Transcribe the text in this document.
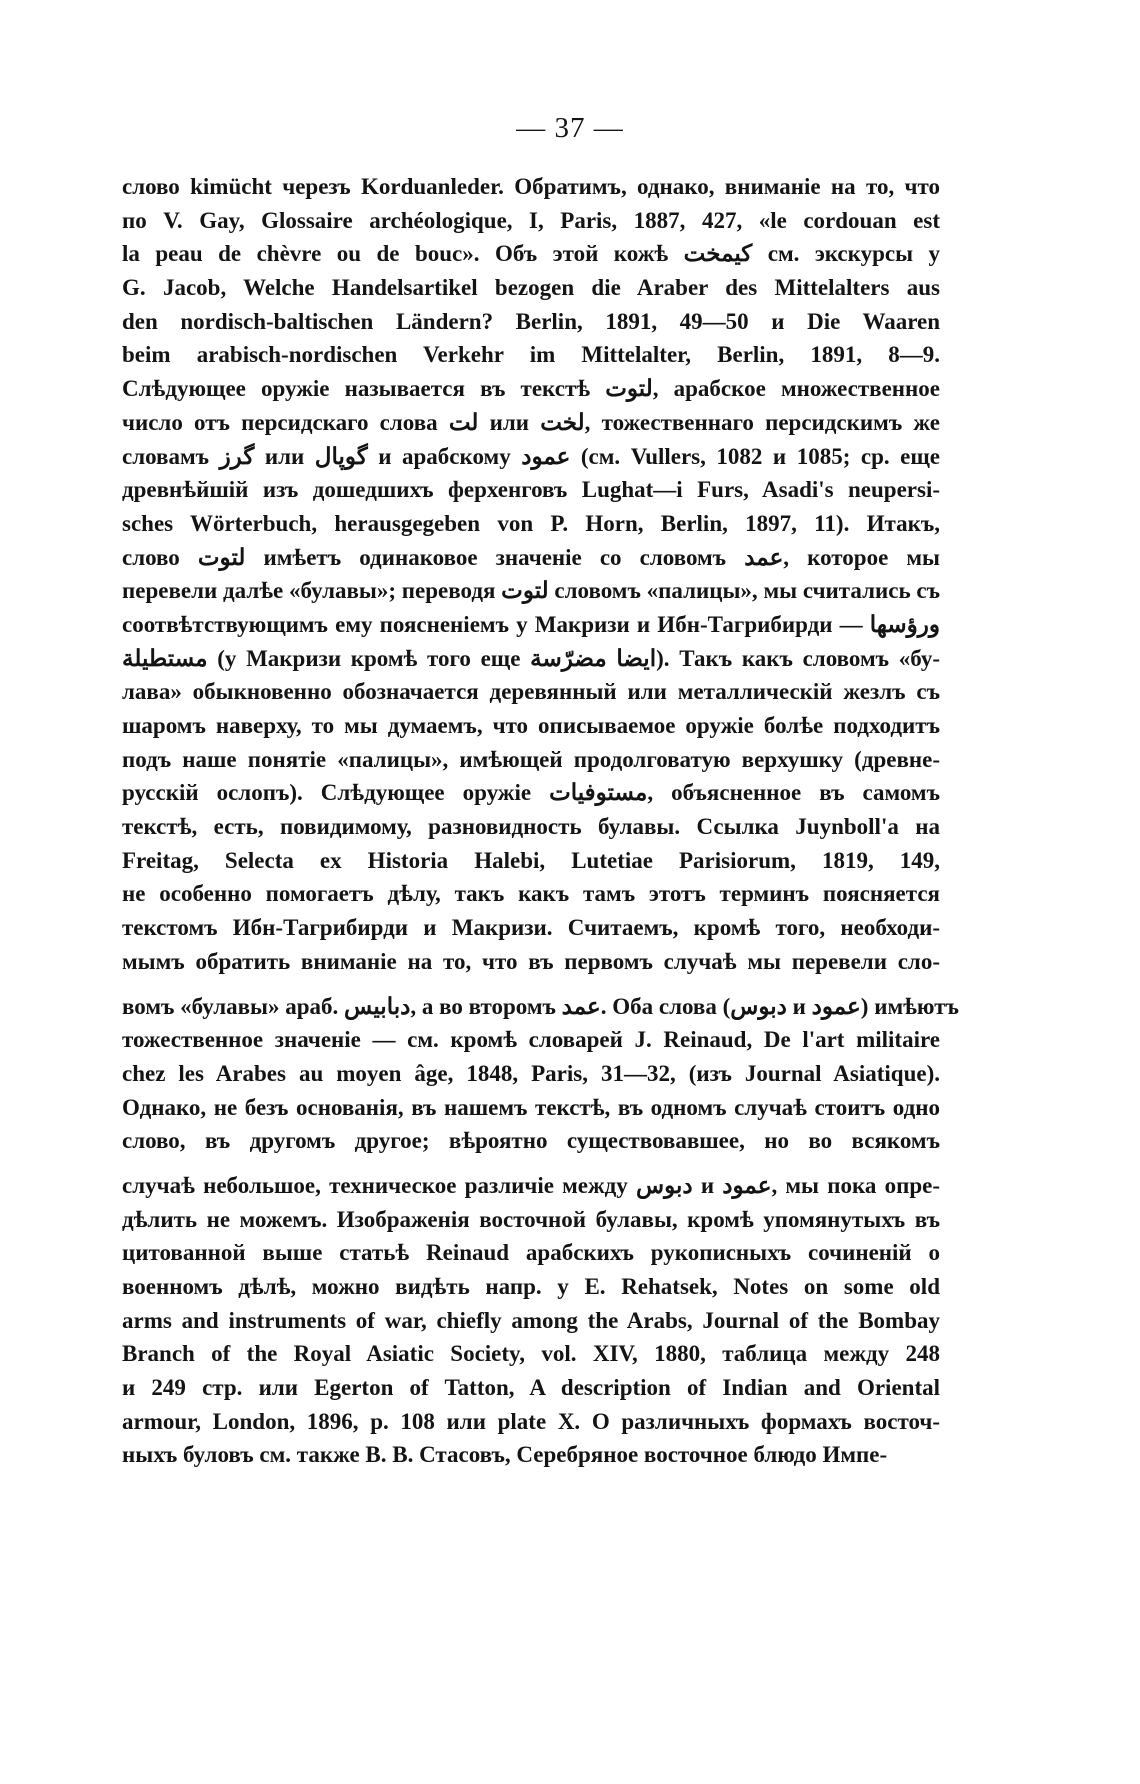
— 37 —
слово kimücht черезъ Korduanleder. Обратимъ, однако, вниманіе на то, что
по V. Gay, Glossaire archéologique, I, Paris, 1887, 427, «le cordouan est
la peau de chèvre ou de bouc». Объ этой кожѣ كيمخت см. экскурсы у
G. Jacob, Welche Handelsartikel bezogen die Araber des Mittelalters aus
den nordisch-baltischen Ländern? Berlin, 1891, 49—50 и Die Waaren
beim arabisch-nordischen Verkehr im Mittelalter, Berlin, 1891, 8—9.
Слѣдующее оружіе называется въ текстѣ لتوت, арабское множественное
число отъ персидскаго слова لت или لخت, тожественнаго персидскимъ же
словамъ گرز или گوپال и арабскому عمود (см. Vullers, 1082 и 1085; ср. еще
древнѣйшій изъ дошедшихъ ферхенговъ Lughat—i Furs, Asadi's neupersi-
sches Wörterbuch, herausgegeben von P. Horn, Berlin, 1897, 11). Итакъ,
слово لتوت имѣетъ одинаковое значеніе со словомъ عمد, которое мы
перевели далѣе «булавы»; переводя لتوت словомъ «палицы», мы считались съ
соотвѣтствующимъ ему поясненіемъ у Макризи и Ибн-Тагрибирди — ورؤسها
مستطيلة (у Макризи кромѣ того еще ايضا مضرّسة). Такъ какъ словомъ «бу-
лава» обыкновенно обозначается деревянный или металлическій жезлъ съ
шаромъ наверху, то мы думаемъ, что описываемое оружіе болѣе подходитъ
подъ наше понятіе «палицы», имѣющей продолговатую верхушку (древне-
русскій ослопъ). Слѣдующее оружіе مستوفيات, объясненное въ самомъ
текстѣ, есть, повидимому, разновидность булавы. Ссылка Juynboll'a на
Freitag, Selecta ex Historia Halebi, Lutetiae Parisiorum, 1819, 149,
не особенно помогаетъ дѣлу, такъ какъ тамъ этотъ терминъ поясняется
текстомъ Ибн-Тагрибирди и Макризи. Считаемъ, кромѣ того, необходи-
мымъ обратить вниманіе на то, что въ первомъ случаѣ мы перевели сло-
вомъ «булавы» араб. دبابيس, а во второмъ عمد. Оба слова (دبوس и عمود) имѣютъ
тожественное значеніе — см. кромѣ словарей J. Reinaud, De l'art militaire
chez les Arabes au moyen âge, 1848, Paris, 31—32, (изъ Journal Asiatique).
Однако, не безъ основанія, въ нашемъ текстѣ, въ одномъ случаѣ стоитъ одно
слово, въ другомъ другое; вѣроятно существовавшее, но во всякомъ
случаѣ небольшое, техническое различіе между دبوس и عمود, мы пока опре-
дѣлить не можемъ. Изображенія восточной булавы, кромѣ упомянутыхъ въ
цитованной выше статьѣ Reinaud арабскихъ рукописныхъ сочиненій о
военномъ дѣлѣ, можно видѣть напр. у E. Rehatsek, Notes on some old
arms and instruments of war, chiefly among the Arabs, Journal of the Bombay
Branch of the Royal Asiatic Society, vol. XIV, 1880, таблица между 248
и 249 стр. или Egerton of Tatton, A description of Indian and Oriental
armour, London, 1896, p. 108 или plate X. О различныхъ формахъ восточ-
ныхъ буловъ см. также В. В. Стасовъ, Серебряное восточное блюдо Импе-
